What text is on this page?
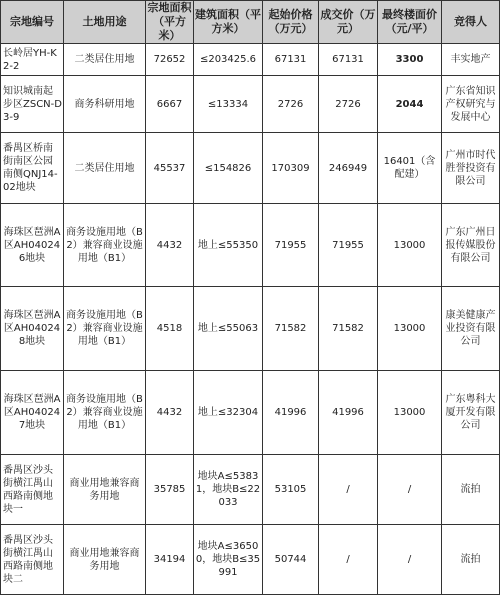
宗地编号	土地用途	宗地面积（平方米）	建筑面积（平方米）	起始价格（万元）	成交价（万元）	最终楼面价（元/平）	竞得人
长岭居YH-K2-2	二类居住用地	72652	≤203425.6	67131	67131	3300	丰实地产
知识城南起步区ZSCN-D3-9	商务科研用地	6667	≤13334	2726	2726	2044	广东省知识产权研究与发展中心
番禺区桥南街南区公园南侧QNJ14-02地块	二类居住用地	45537	≤154826	170309	246949	16401（含配建）	广州市时代胜誉投资有限公司
海珠区琶洲A区AH040246地块	商务设施用地（B2）兼容商业设施用地（B1）	4432	地上≤55350	71955	71955	13000	广东广州日报传媒股份有限公司
海珠区琶洲A区AH040248地块	商务设施用地（B2）兼容商业设施用地（B1）	4518	地上≤55063	71582	71582	13000	康美健康产业投资有限公司
海珠区琶洲A区AH040247地块	商务设施用地（B2）兼容商业设施用地（B1）	4432	地上≤32304	41996	41996	13000	广东粤科大厦开发有限公司
番禺区沙头街横江禺山西路南侧地块一	商业用地兼容商务用地	35785	地块A≤53831，地块B≤22033	53105	/	/	流拍
番禺区沙头街横江禺山西路南侧地块二	商业用地兼容商务用地	34194	地块A≤36500，地块B≤35991	50744	/	/	流拍
